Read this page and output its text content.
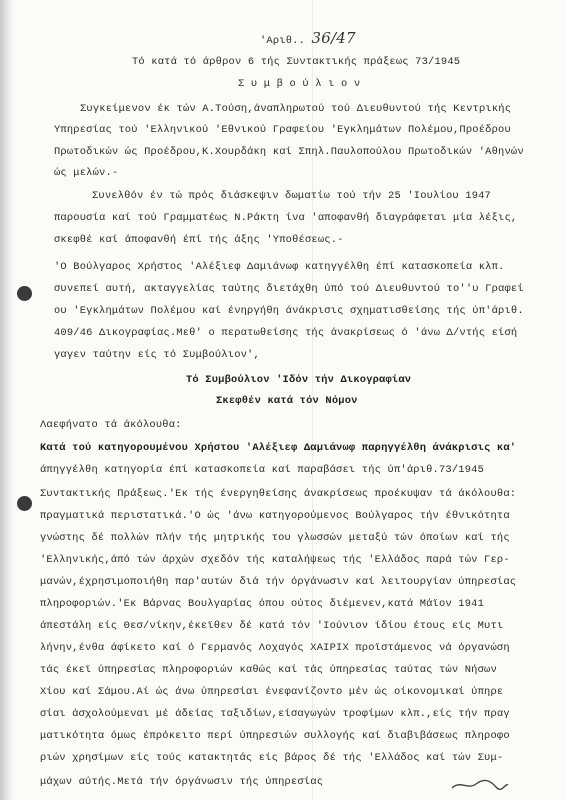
'Αριθ.. 36/47
Τό κατά τό άρθρον 6 τής Συντακτικής πράξεως 73/1945
Σ υ μ β ο ύ λ ι ο ν
Συγκείμενον έκ τών Α.Τούση,άναπληρωτού τού Διευθυντού τής Κεντρικής
Υπηρεσίας τού 'Ελληνικού 'Εθνικού Γραφείου 'Εγκλημάτων Πολέμου,Προέδρου
Πρωτοδικών ώς Προέδρου,Κ.Χουρδάκη καί Σπηλ.Παυλοπούλου Πρωτοδικών 'Αθηνών
ώς μελών.-
Συνελθόν έν τώ πρός διάσκεψιν δωματίω τού τήν 25 'Ιουλίου 1947
παρουσία καί τού Γραμματέως Ν.Ράκτη ίνα 'αποφανθή διαγράφεται μία λέξις,
σκεφθέ καί άποφανθή έπί τής άξης 'Υποθέσεως.-
'Ο Βούλγαρος Χρήστος 'Αλέξιεφ Δαμιάνωφ κατηγγέλθη έπί κατασκοπεία κλπ.
συνεπεί αυτή, ακταγγελίας ταύτης διετάχθη ύπό τού Διευθυντού το''υ Γραφεί
ου 'Εγκλημάτων Πολέμου καί ένηργήθη άνάκρισις σχηματισθείσης τής ύπ'άριθ.
409/46 Δικογραφίας.Μεθ' ο περατωθείσης τής άνακρίσεως ό 'άνω Δ/ντής είσή
γαγεν ταύτην είς τό Συμβούλιον',
Τό Συμβούλιον 'Ιδόν τήν Δικογραφίαν
Σκεφθέν κατά τόν Νόμον
Λαεφήνατο τά άκόλουθα:
Κατά τού κατηγορουμένου Χρήστου 'Αλέξιεφ Δαμιάνωφ παρηγγέλθη άνάκρισις κα'
άπηγγέλθη κατηγορία έπί κατασκοπεία καί παραβάσει τής ύπ'άριθ.73/1945
Συντακτικής Πράξεως.'Εκ τής ένεργηθείσης άνακρίσεως προέκυψαν τά άκόλουθα:
πραγματικά περιστατικά.'Ο ώς 'άνω κατηγορούμενος Βούλγαρος τήν έθνικότητα
γνώστης δέ πολλών πλήν τής μητρικής του γλωσσών μεταξύ τών όποίων καί τής
'Ελληνικής,άπό τών άρχών σχεδόν τής καταλήψεως τής 'Ελλάδος παρά τών Γερ-
μανών,έχρησιμοποιήθη παρ'αυτών διά τήν όργάνωσιν καί λειτουργίαν ύπηρεσίας
πληροφοριών.'Εκ Βάρνας Βουλγαρίας όπου ούτος διέμενεν,κατά Μάϊον 1941
άπεστάλη είς Θεσ/νίκην,έκεϊθεν δέ κατά τόν 'Ιούνιον ίδίου έτους είς Μυτι
λήνην,ένθα άφίκετο καί ό Γερμανός Λοχαγός ΧΑΙΡΙΧ προϊστάμενος νά όργανώση
τάς έκεϊ ύπηρεσίας πληροφοριών καθώς καί τάς ύπηρεσίας ταύτας τών Νήσων
Χίου καί Σάμου.Αί ώς άνω ύπηρεσίαι ένεφανίζοντο μέν ώς οίκονομικαί ύπηρε
σίαι άσχολούμεναι μέ άδείας ταξιδίων,είσαγωγών τροφίμων κλπ.,είς τήν πραγ
ματικότητα όμως έπρόκειτο περί ύπηρεσιών συλλογής καί διαβιβάσεως πληροφο
ριών χρησίμων είς τούς κατακτητάς είς βάρος δέ τής 'Ελλάδος καί τών Συμ-
μάχων αύτής.Μετά τήν όργάνωσιν τής ύπηρεσίας
